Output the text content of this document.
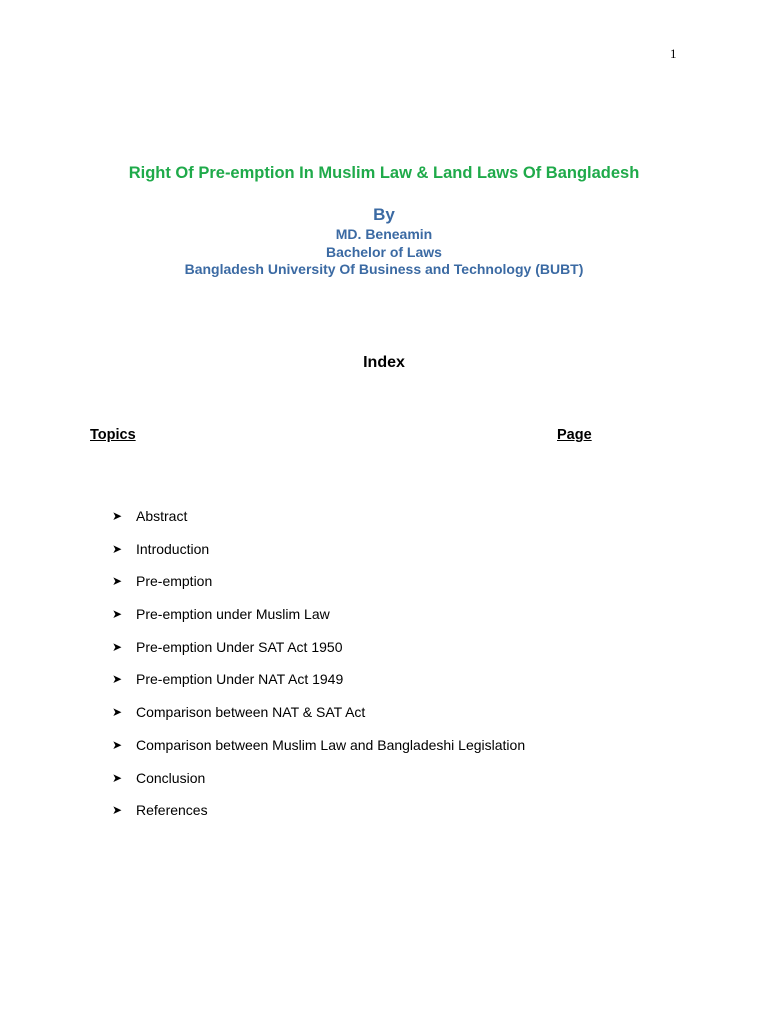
1
Right Of Pre-emption In Muslim Law & Land Laws Of Bangladesh
By
MD. Beneamin
Bachelor of Laws
Bangladesh University Of Business and Technology (BUBT)
Index
Topics	Page
➤ Abstract
➤ Introduction
➤ Pre-emption
➤ Pre-emption under Muslim Law
➤ Pre-emption Under SAT Act 1950
➤ Pre-emption Under NAT Act 1949
➤ Comparison between NAT & SAT Act
➤ Comparison between Muslim Law and Bangladeshi Legislation
➤ Conclusion
➤ References
